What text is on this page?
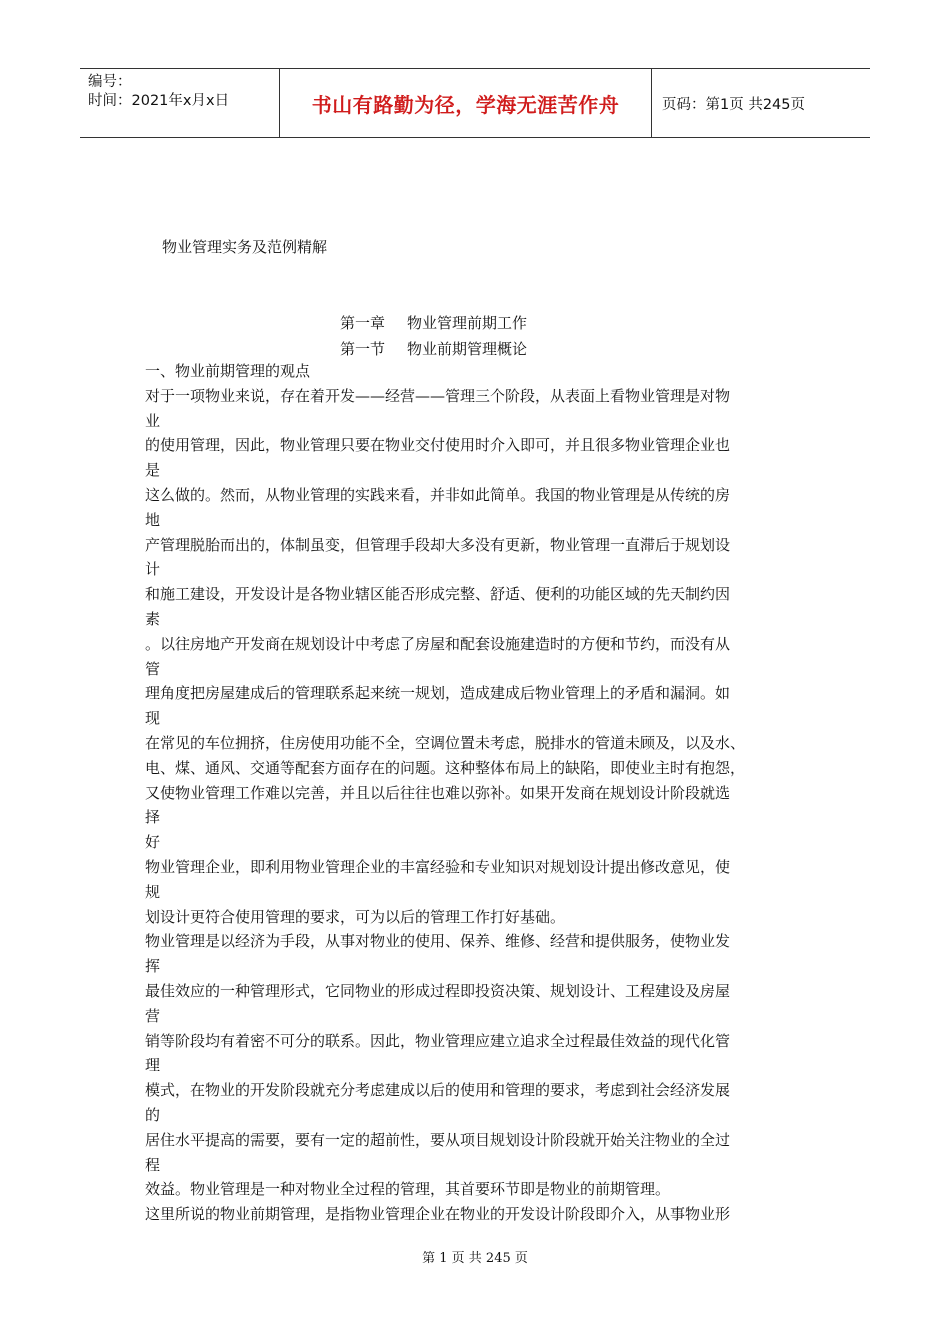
编号：
时间：2021年x月x日	书山有路勤为径，学海无涯苦作舟	页码：第1页 共245页
物业管理实务及范例精解
第一章 物业管理前期工作
第一节 物业前期管理概论
一、物业前期管理的观点
对于一项物业来说，存在着开发——经营——管理三个阶段，从表面上看物业管理是对物
业
的使用管理，因此，物业管理只要在物业交付使用时介入即可，并且很多物业管理企业也
是
这么做的。然而，从物业管理的实践来看，并非如此简单。我国的物业管理是从传统的房
地
产管理脱胎而出的，体制虽变，但管理手段却大多没有更新，物业管理一直滞后于规划设
计
和施工建设，开发设计是各物业辖区能否形成完整、舒适、便利的功能区域的先天制约因
素
。以往房地产开发商在规划设计中考虑了房屋和配套设施建造时的方便和节约，而没有从
管
理角度把房屋建成后的管理联系起来统一规划，造成建成后物业管理上的矛盾和漏洞。如
现
在常见的车位拥挤，住房使用功能不全，空调位置未考虑，脱排水的管道未顾及，以及水、
电、煤、通风、交通等配套方面存在的问题。这种整体布局上的缺陷，即使业主时有抱怨，
又使物业管理工作难以完善，并且以后往往也难以弥补。如果开发商在规划设计阶段就选
择
好
物业管理企业，即利用物业管理企业的丰富经验和专业知识对规划设计提出修改意见，使
规
划设计更符合使用管理的要求，可为以后的管理工作打好基础。
物业管理是以经济为手段，从事对物业的使用、保养、维修、经营和提供服务，使物业发
挥
最佳效应的一种管理形式，它同物业的形成过程即投资决策、规划设计、工程建设及房屋
营
销等阶段均有着密不可分的联系。因此，物业管理应建立追求全过程最佳效益的现代化管
理
模式，在物业的开发阶段就充分考虑建成以后的使用和管理的要求，考虑到社会经济发展
的
居住水平提高的需要，要有一定的超前性，要从项目规划设计阶段就开始关注物业的全过
程
效益。物业管理是一种对物业全过程的管理，其首要环节即是物业的前期管理。
这里所说的物业前期管理，是指物业管理企业在物业的开发设计阶段即介入，从事物业形
第 1 页 共 245 页
